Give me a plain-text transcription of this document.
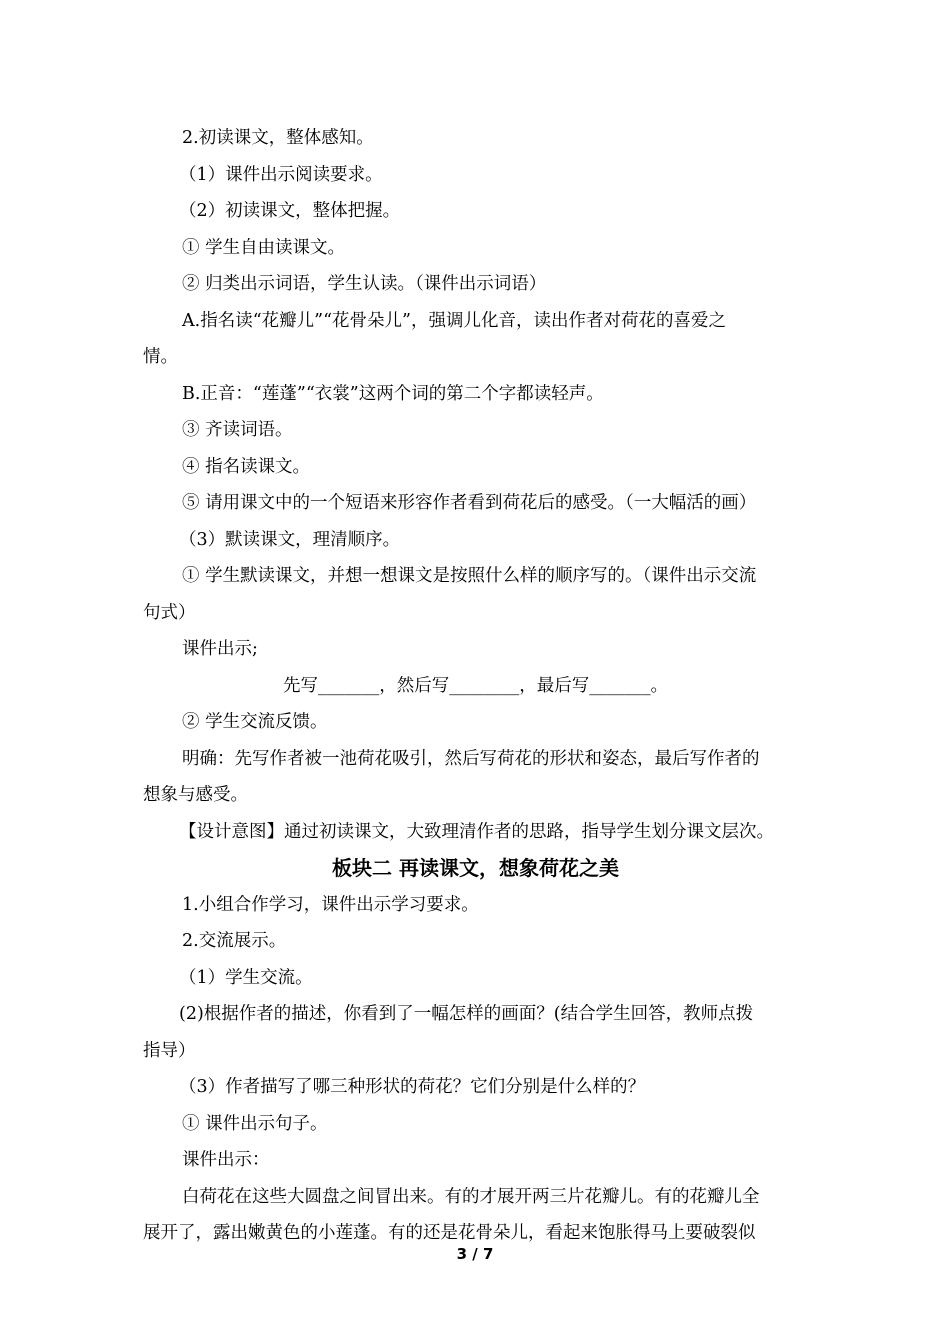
2.初读课文，整体感知。
（1）课件出示阅读要求。
（2）初读课文，整体把握。
① 学生自由读课文。
② 归类出示词语，学生认读。（课件出示词语）
A.指名读“花瓣儿”“花骨朵儿”，强调儿化音，读出作者对荷花的喜爱之
情。
B.正音：“莲蓬”“衣裳”这两个词的第二个字都读轻声。
③ 齐读词语。
④ 指名读课文。
⑤ 请用课文中的一个短语来形容作者看到荷花后的感受。（一大幅活的画）
（3）默读课文，理清顺序。
① 学生默读课文，并想一想课文是按照什么样的顺序写的。（课件出示交流
句式）
课件出示;
先写_______，然后写________，最后写_______。
② 学生交流反馈。
明确：先写作者被一池荷花吸引，然后写荷花的形状和姿态，最后写作者的
想象与感受。
【设计意图】通过初读课文，大致理清作者的思路，指导学生划分课文层次。
板块二 再读课文，想象荷花之美
1.小组合作学习，课件出示学习要求。
2.交流展示。
（1）学生交流。
(2)根据作者的描述，你看到了一幅怎样的画面？(结合学生回答，教师点拨
指导）
（3）作者描写了哪三种形状的荷花？它们分别是什么样的？
① 课件出示句子。
课件出示：
白荷花在这些大圆盘之间冒出来。有的才展开两三片花瓣儿。有的花瓣儿全
展开了，露出嫩黄色的小莲蓬。有的还是花骨朵儿，看起来饱胀得马上要破裂似
3 / 7
